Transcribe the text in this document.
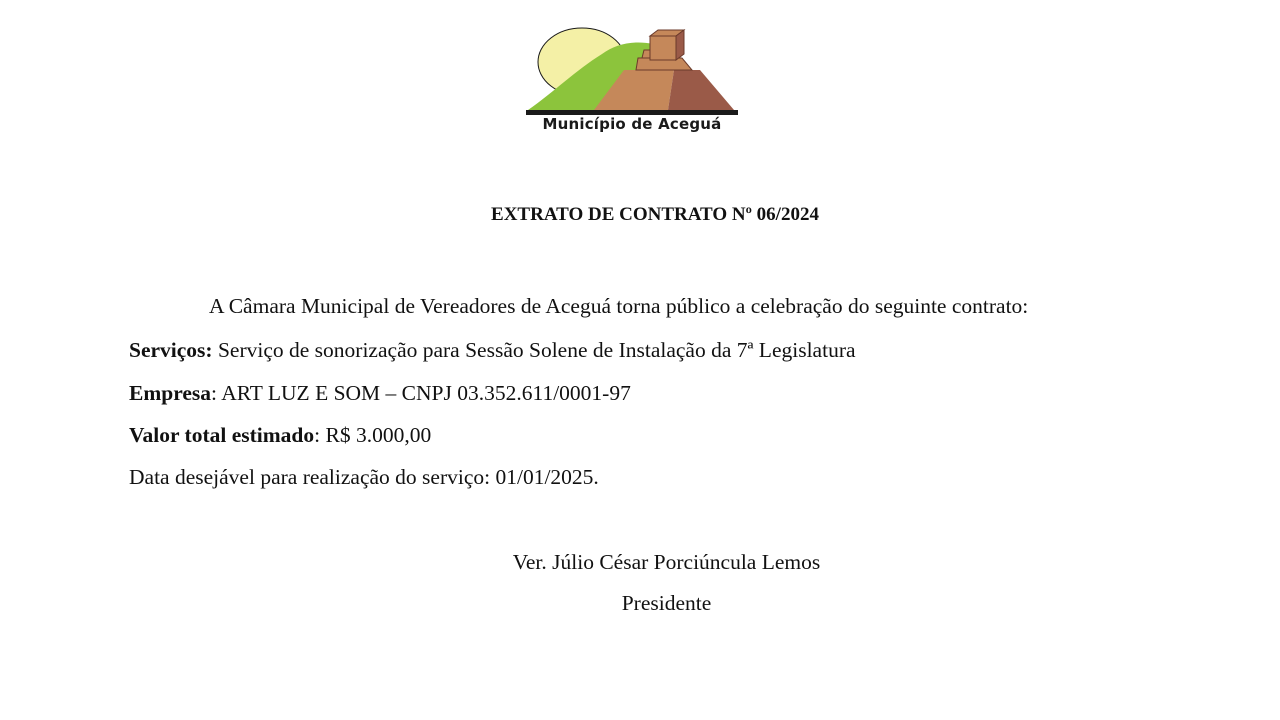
Município de Aceguá
EXTRATO DE CONTRATO Nº 06/2024
A Câmara Municipal de Vereadores de Aceguá torna público a celebração do seguinte contrato:
Serviços: Serviço de sonorização para Sessão Solene de Instalação da 7ª Legislatura
Empresa: ART LUZ E SOM – CNPJ 03.352.611/0001-97
Valor total estimado: R$ 3.000,00
Data desejável para realização do serviço: 01/01/2025.
Ver. Júlio César Porciúncula Lemos
Presidente
